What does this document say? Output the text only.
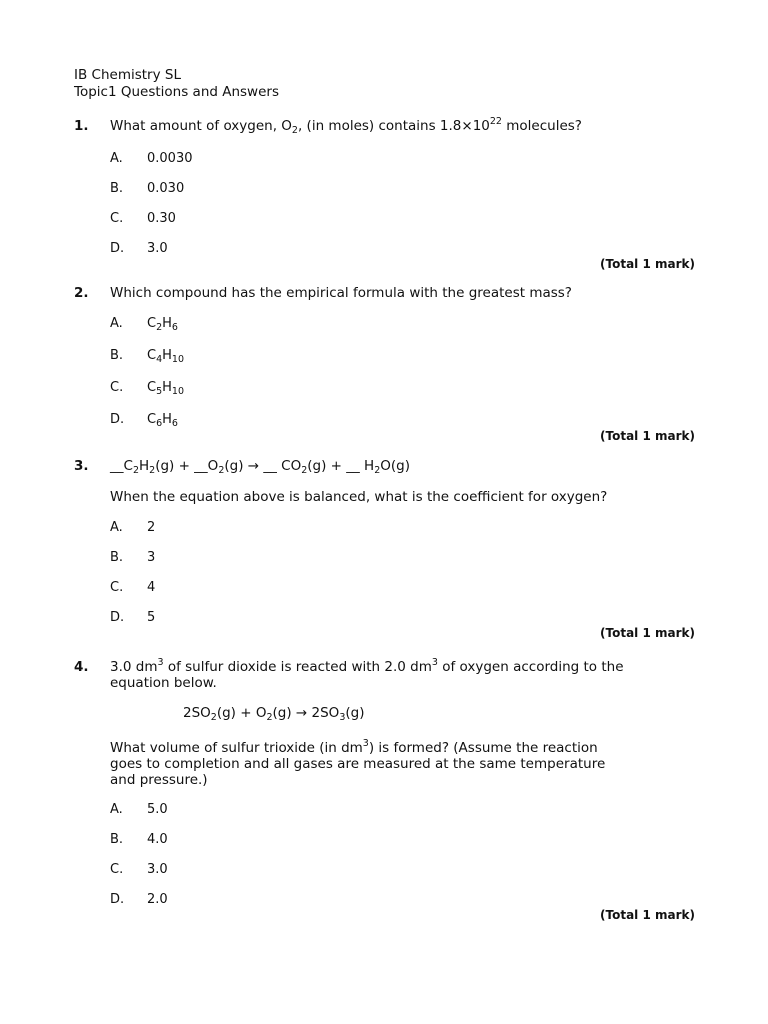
IB Chemistry SL
Topic1 Questions and Answers
1. What amount of oxygen, $O_2$, (in moles) contains $1.8\times 10^{22}$ molecules?
A. 0.0030
B. 0.030
C. 0.30
D. 3.0
(Total 1 mark)
2. Which compound has the empirical formula with the greatest mass?
A. $C_2H_6$
B. $C_4H_{10}$
C. $C_5H_{10}$
D. $C_6H_6$
(Total 1 mark)
3. $\_\_C_2H_2(g)$ + $\_\_O_2(g)$ → __ $CO_2(g)$ + __ $H_2O(g)$
When the equation above is balanced, what is the coefficient for oxygen?
A. 2
B. 3
C. 4
D. 5
(Total 1 mark)
4. 3.0 $dm^3$ of sulfur dioxide is reacted with 2.0 $dm^3$ of oxygen according to the
equation below.
$2SO_2(g) + O_2(g) \to 2SO_3(g)$
What volume of sulfur trioxide (in $dm^3$) is formed? (Assume the reaction
goes to completion and all gases are measured at the same temperature
and pressure.)
A. 5.0
B. 4.0
C. 3.0
D. 2.0
(Total 1 mark)
